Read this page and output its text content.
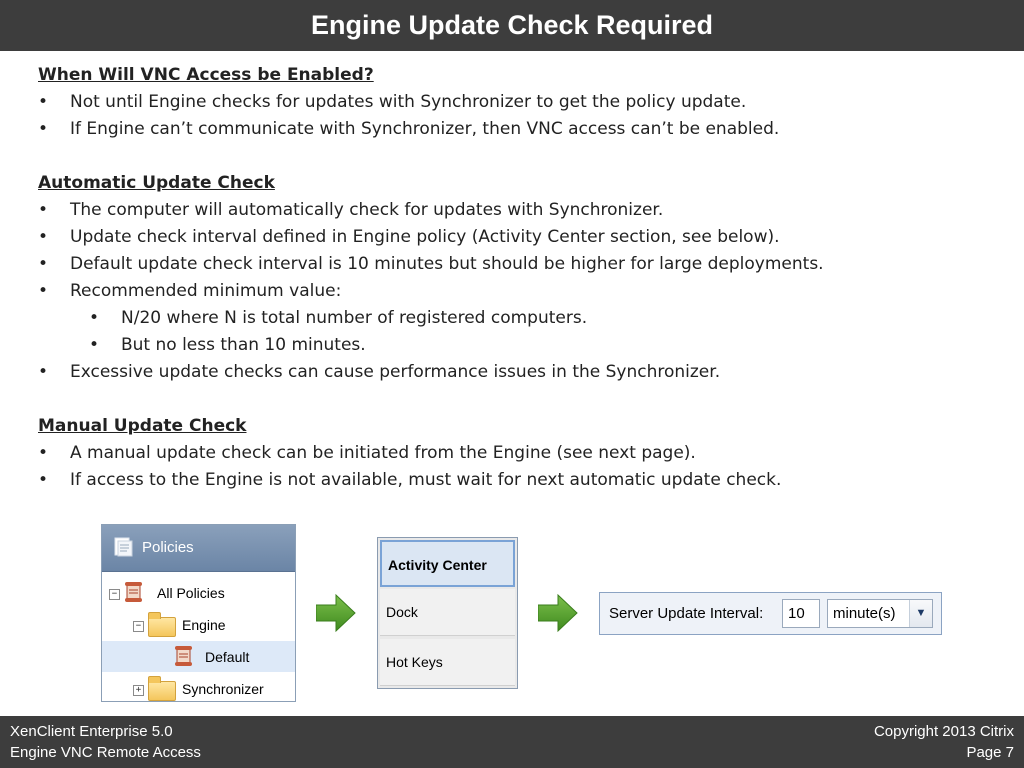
Engine Update Check Required
When Will VNC Access be Enabled?
• Not until Engine checks for updates with Synchronizer to get the policy update.
• If Engine can’t communicate with Synchronizer, then VNC access can’t be enabled.
Automatic Update Check
• The computer will automatically check for updates with Synchronizer.
• Update check interval defined in Engine policy (Activity Center section, see below).
• Default update check interval is 10 minutes but should be higher for large deployments.
• Recommended minimum value:
• N/20 where N is total number of registered computers.
• But no less than 10 minutes.
• Excessive update checks can cause performance issues in the Synchronizer.
Manual Update Check
• A manual update check can be initiated from the Engine (see next page).
• If access to the Engine is not available, must wait for next automatic update check.
Policies
−	All Policies
−	Engine
Default
+	Synchronizer
Activity Center
Dock
Hot Keys
Server Update Interval:	10	minute(s)	▼
XenClient Enterprise 5.0
Engine VNC Remote Access
Copyright 2013 Citrix
Page 7
